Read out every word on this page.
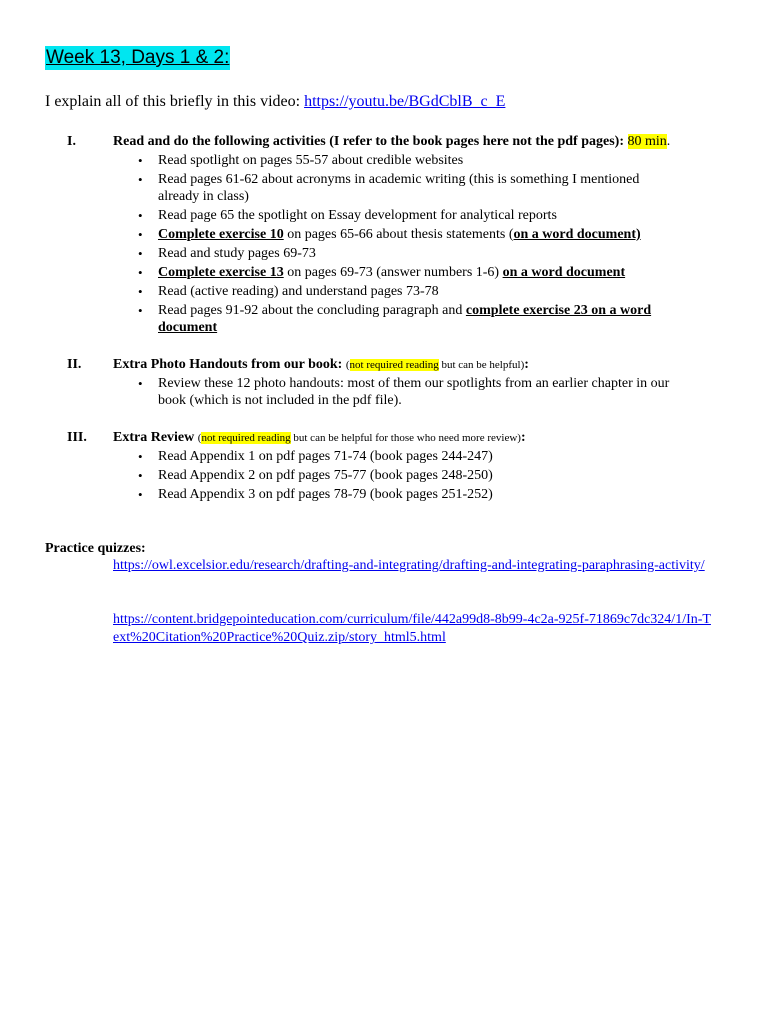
Week 13, Days 1 & 2:
I explain all of this briefly in this video: https://youtu.be/BGdCblB_c_E
I.	Read and do the following activities (I refer to the book pages here not the pdf pages): 80 min.
• Read spotlight on pages 55-57 about credible websites
• Read pages 61-62 about acronyms in academic writing (this is something I mentioned already in class)
• Read page 65 the spotlight on Essay development for analytical reports
• Complete exercise 10 on pages 65-66 about thesis statements (on a word document)
• Read and study pages 69-73
• Complete exercise 13 on pages 69-73 (answer numbers 1-6) on a word document
• Read (active reading) and understand pages 73-78
• Read pages 91-92 about the concluding paragraph and complete exercise 23 on a word document
II. Extra Photo Handouts from our book: (not required reading but can be helpful):
• Review these 12 photo handouts: most of them our spotlights from an earlier chapter in our book (which is not included in the pdf file).
III. Extra Review (not required reading but can be helpful for those who need more review):
• Read Appendix 1 on pdf pages 71-74 (book pages 244-247)
• Read Appendix 2 on pdf pages 75-77 (book pages 248-250)
• Read Appendix 3 on pdf pages 78-79 (book pages 251-252)
Practice quizzes:
https://owl.excelsior.edu/research/drafting-and-integrating/drafting-and-integrating-paraphrasing-activity/
https://content.bridgepointeducation.com/curriculum/file/442a99d8-8b99-4c2a-925f-71869c7dc324/1/In-Text%20Citation%20Practice%20Quiz.zip/story_html5.html
